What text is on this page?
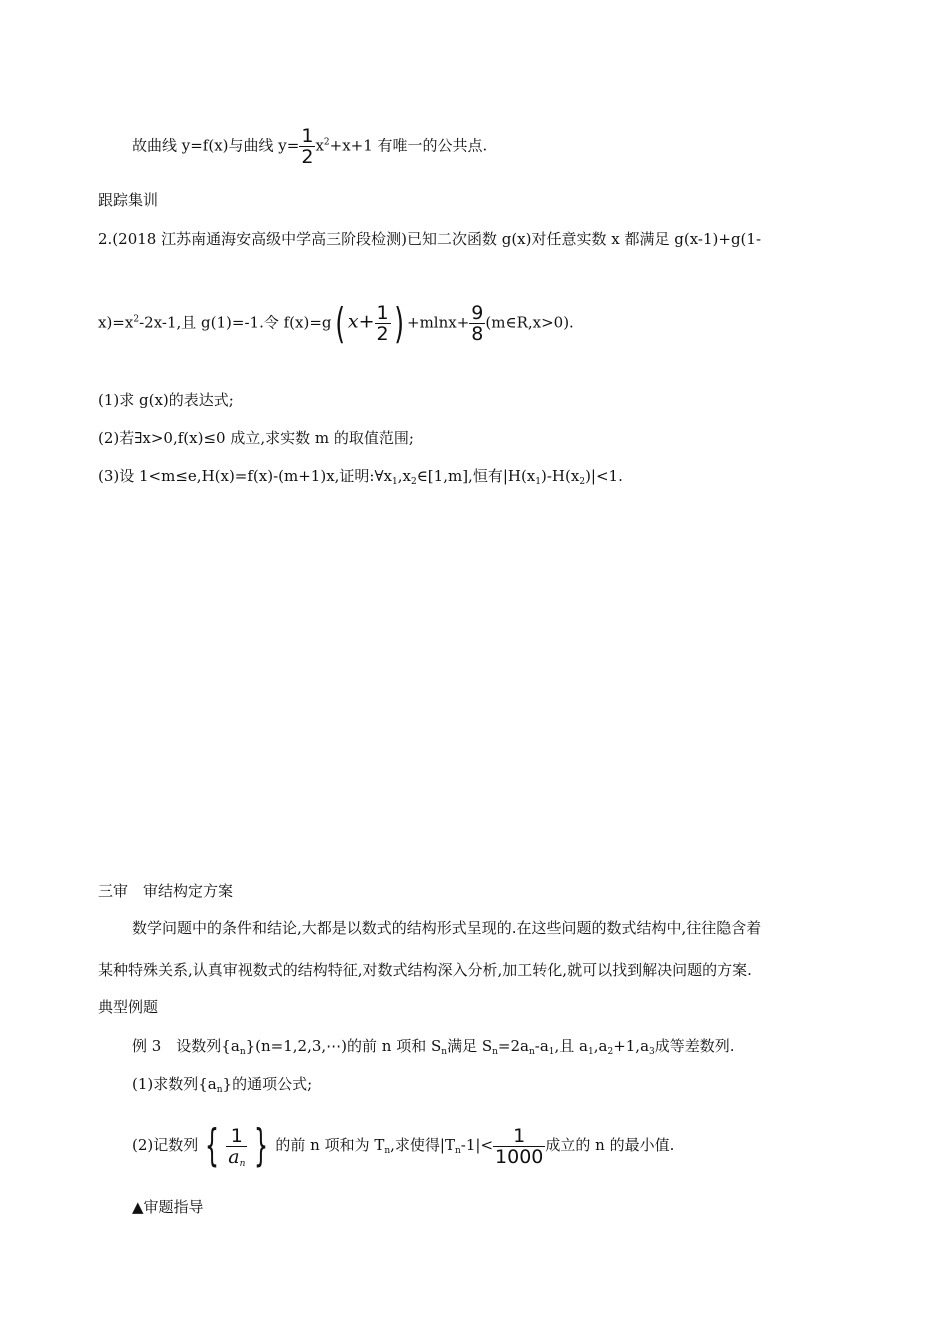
故曲线 y=f(x)与曲线 $y= \frac{1}{2} x^2+x+1$ 有唯一的公共点.
跟踪集训
2.(2018 江苏南通海安高级中学高三阶段检测)已知二次函数 g(x)对任意实数 x 都满足 g(x-1)+g(1-
$x)=x^2-2x-1$,且 g(1)=-1.令 f(x)=g( $x+ \frac{1}{2}$ ) $+mlnx+ \frac{9}{8}$ (m∈R,x>0).
(1)求 g(x)的表达式;
(2)若∃x>0,f(x)≤0 成立,求实数 m 的取值范围;
(3)设 1<m≤e,H(x)=f(x)-(m+1)x,证明$:\forall x_1,x_2\in[1,m]$,恒有$|H(x_1)-H(x_2)|<1$.
三审　审结构定方案
数学问题中的条件和结论,大都是以数式的结构形式呈现的.在这些问题的数式结构中,往往隐含着
某种特殊关系,认真审视数式的结构特征,对数式结构深入分析,加工转化,就可以找到解决问题的方案.
典型例题
例 3　设数列$\{a_n\}(n=1,2,3,\cdots)$的前 n 项和 $S_n$满足 $S_n=2a_n-a_1$,且 $a_1,a_2+1,a_3$成等差数列.
(1)求数列$\{a_n\}$的通项公式;
(2)记数列 { $\frac{1}{a_n}$ } 的前 n 项和为 $T_n$,求使得$|T_n-1|< \frac{1}{1000}$ 成立的 n 的最小值.
▲审题指导
